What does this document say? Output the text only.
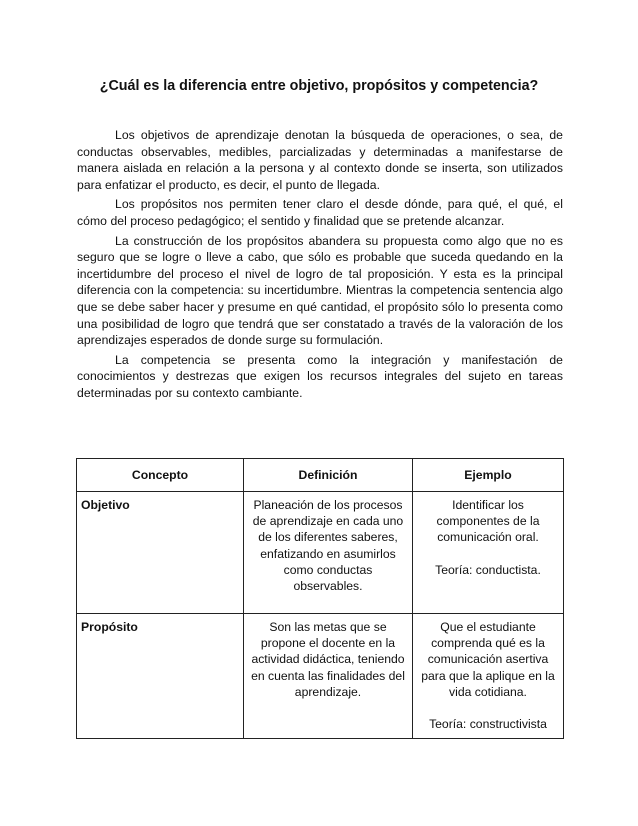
¿Cuál es la diferencia entre objetivo, propósitos y competencia?

Los objetivos de aprendizaje denotan la búsqueda de operaciones, o sea, de conductas observables, medibles, parcializadas y determinadas a manifestarse de manera aislada en relación a la persona y al contexto donde se inserta, son utilizados para enfatizar el producto, es decir, el punto de llegada.

Los propósitos nos permiten tener claro el desde dónde, para qué, el qué, el cómo del proceso pedagógico; el sentido y finalidad que se pretende alcanzar.

La construcción de los propósitos abandera su propuesta como algo que no es seguro que se logre o lleve a cabo, que sólo es probable que suceda quedando en la incertidumbre del proceso el nivel de logro de tal proposición. Y esta es la principal diferencia con la competencia: su incertidumbre. Mientras la competencia sentencia algo que se debe saber hacer y presume en qué cantidad, el propósito sólo lo presenta como una posibilidad de logro que tendrá que ser constatado a través de la valoración de los aprendizajes esperados de donde surge su formulación.

La competencia se presenta como la integración y manifestación de conocimientos y destrezas que exigen los recursos integrales del sujeto en tareas determinadas por su contexto cambiante.

Concepto	Definición	Ejemplo
Objetivo	Planeación de los procesos de aprendizaje en cada uno de los diferentes saberes, enfatizando en asumirlos como conductas observables.	Identificar los componentes de la comunicación oral.
Teoría: conductista.

Propósito	Son las metas que se propone el docente en la actividad didáctica, teniendo en cuenta las finalidades del aprendizaje.	Que el estudiante comprenda qué es la comunicación asertiva para que la aplique en la vida cotidiana.
Teoría: constructivista
